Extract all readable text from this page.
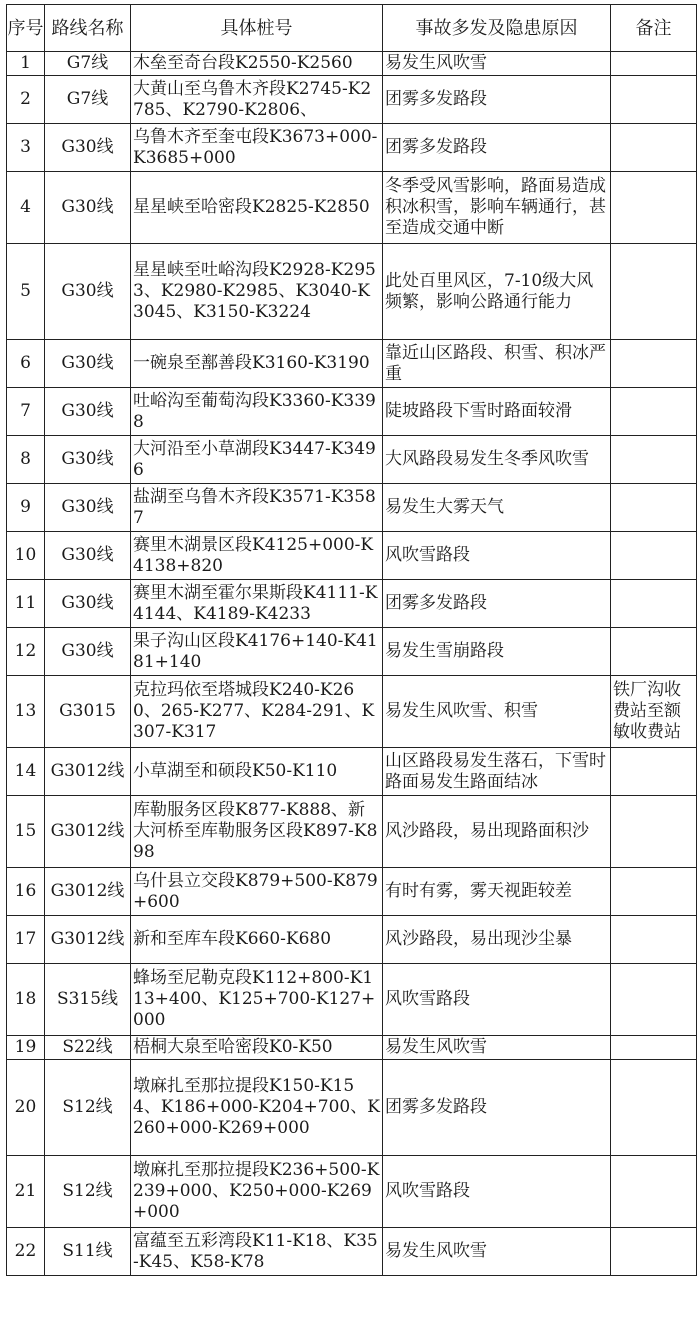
序号	路线名称	具体桩号	事故多发及隐患原因	备注
1	G7线	木垒至奇台段K2550-K2560	易发生风吹雪	
2	G7线	大黄山至乌鲁木齐段K2745-K2785、K2790-K2806、	团雾多发路段	
3	G30线	乌鲁木齐至奎屯段K3673+000-K3685+000	团雾多发路段	
4	G30线	星星峡至哈密段K2825-K2850	冬季受风雪影响，路面易造成积冰积雪，影响车辆通行，甚至造成交通中断	
5	G30线	星星峡至吐峪沟段K2928-K2953、K2980-K2985、K3040-K3045、K3150-K3224	此处百里风区，7-10级大风频繁，影响公路通行能力	
6	G30线	一碗泉至鄯善段K3160-K3190	靠近山区路段、积雪、积冰严重	
7	G30线	吐峪沟至葡萄沟段K3360-K3398	陡坡路段下雪时路面较滑	
8	G30线	大河沿至小草湖段K3447-K3496	大风路段易发生冬季风吹雪	
9	G30线	盐湖至乌鲁木齐段K3571-K3587	易发生大雾天气	
10	G30线	赛里木湖景区段K4125+000-K4138+820	风吹雪路段	
11	G30线	赛里木湖至霍尔果斯段K4111-K4144、K4189-K4233	团雾多发路段	
12	G30线	果子沟山区段K4176+140-K4181+140	易发生雪崩路段	
13	G3015	克拉玛依至塔城段K240-K260、265-K277、K284-291、K307-K317	易发生风吹雪、积雪	铁厂沟收费站至额敏收费站
14	G3012线	小草湖至和硕段K50-K110	山区路段易发生落石，下雪时路面易发生路面结冰	
15	G3012线	库勒服务区段K877-K888、新大河桥至库勒服务区段K897-K898	风沙路段，易出现路面积沙	
16	G3012线	乌什县立交段K879+500-K879+600	有时有雾，雾天视距较差	
17	G3012线	新和至库车段K660-K680	风沙路段，易出现沙尘暴	
18	S315线	蜂场至尼勒克段K112+800-K113+400、K125+700-K127+000	风吹雪路段	
19	S22线	梧桐大泉至哈密段K0-K50	易发生风吹雪	
20	S12线	墩麻扎至那拉提段K150-K154、K186+000-K204+700、K260+000-K269+000	团雾多发路段	
21	S12线	墩麻扎至那拉提段K236+500-K239+000、K250+000-K269+000	风吹雪路段	
22	S11线	富蕴至五彩湾段K11-K18、K35-K45、K58-K78	易发生风吹雪	
